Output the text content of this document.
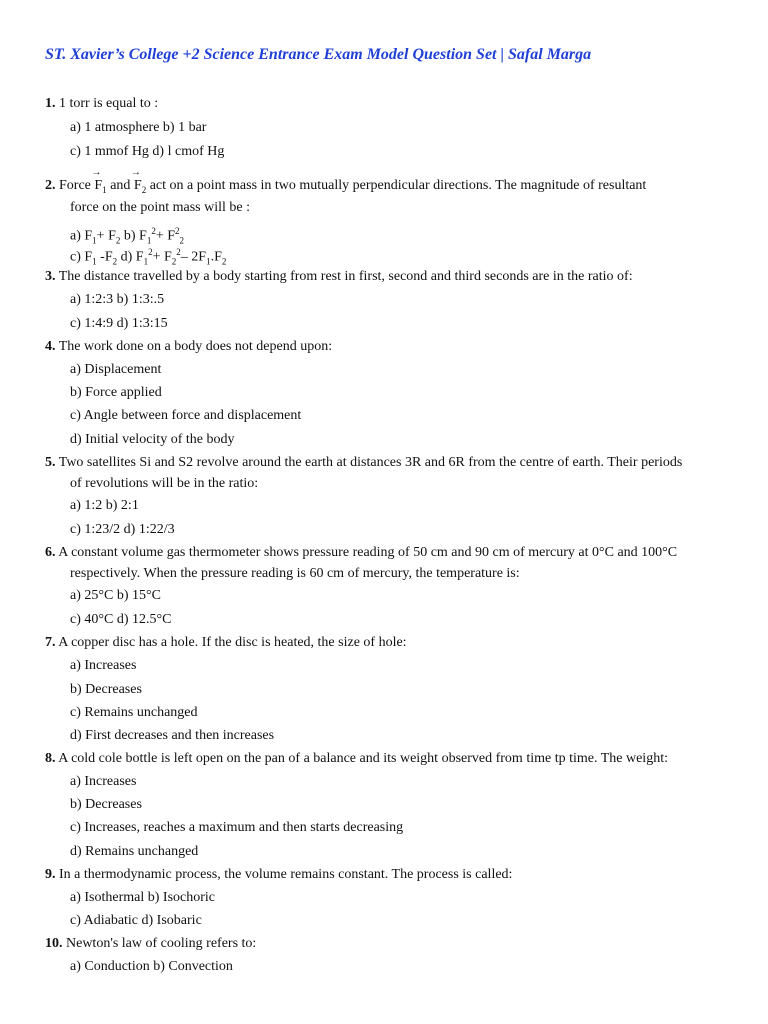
ST. Xavier’s College +2 Science Entrance Exam Model Question Set | Safal Marga
1. 1 torr is equal to :
a) 1 atmosphere b) 1 bar
c) 1 mmof Hg d) l cmof Hg
2. Force
→
$F_1$ and
→
$F_2$ act on a point mass in two mutually perpendicular directions. The magnitude of resultant
force on the point mass will be :
a) $F_1+ F_2$ b) $F_1^2+ F^2_2$
c) $F_1$ $-F_2$ d) $F_1^2+ F_2^2-$ $2F_1.F_2$
3. The distance travelled by a body starting from rest in first, second and third seconds are in the ratio of:
a) 1:2:3 b) 1:3:.5
c) 1:4:9 d) 1:3:15
4. The work done on a body does not depend upon:
a) Displacement
b) Force applied
c) Angle between force and displacement
d) Initial velocity of the body
5. Two satellites Si and S2 revolve around the earth at distances 3R and 6R from the centre of earth. Their periods
of revolutions will be in the ratio:
a) 1:2 b) 2:1
c) 1:23/2 d) 1:22/3
6. A constant volume gas thermometer shows pressure reading of 50 cm and 90 cm of mercury at 0°C and 100°C
respectively. When the pressure reading is 60 cm of mercury, the temperature is:
a) 25°C b) 15°C
c) 40°C d) 12.5°C
7. A copper disc has a hole. If the disc is heated, the size of hole:
a) Increases
b) Decreases
c) Remains unchanged
d) First decreases and then increases
8. A cold cole bottle is left open on the pan of a balance and its weight observed from time tp time. The weight:
a) Increases
b) Decreases
c) Increases, reaches a maximum and then starts decreasing
d) Remains unchanged
9. In a thermodynamic process, the volume remains constant. The process is called:
a) Isothermal b) Isochoric
c) Adiabatic d) Isobaric
10. Newton's law of cooling refers to:
a) Conduction b) Convection
